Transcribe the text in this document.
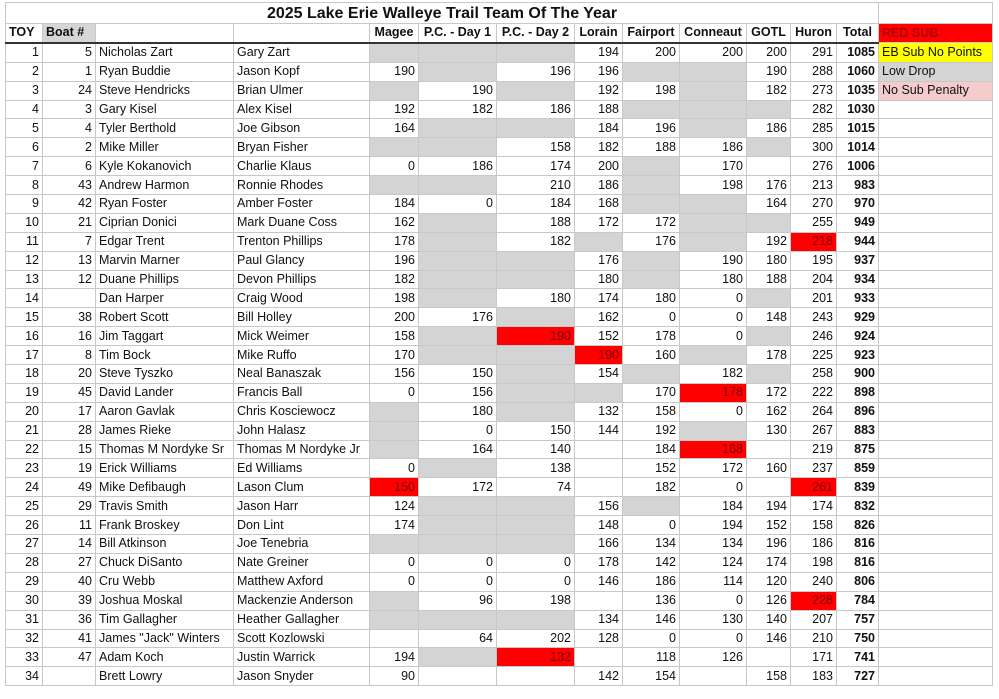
2025 Lake Erie Walleye Trail Team Of The Year													
TOY	Boat #			Magee	P.C. - Day 1	P.C. - Day 2	Lorain	Fairport	Conneaut	GOTL	Huron	Total	RED SUB
1	5	Nicholas Zart	Gary Zart				194	200	200	200	291	1085	EB Sub No Points
2	1	Ryan Buddie	Jason Kopf	190		196	196			190	288	1060	Low Drop
3	24	Steve Hendricks	Brian Ulmer		190		192	198		182	273	1035	No Sub Penalty
4	3	Gary Kisel	Alex Kisel	192	182	186	188				282	1030	
5	4	Tyler Berthold	Joe Gibson	164			184	196		186	285	1015	
6	2	Mike Miller	Bryan Fisher			158	182	188	186		300	1014	
7	6	Kyle Kokanovich	Charlie Klaus	0	186	174	200		170		276	1006	
8	43	Andrew Harmon	Ronnie Rhodes			210	186		198	176	213	983	
9	42	Ryan Foster	Amber Foster	184	0	184	168			164	270	970	
10	21	Ciprian Donici	Mark Duane Coss	162		188	172	172			255	949	
11	7	Edgar Trent	Trenton Phillips	178		182		176		192	218	944	
12	13	Marvin Marner	Paul Glancy	196			176		190	180	195	937	
13	12	Duane Phillips	Devon Phillips	182			180		180	188	204	934	
14		Dan Harper	Craig Wood	198		180	174	180	0		201	933	
15	38	Robert Scott	Bill Holley	200	176		162	0	0	148	243	929	
16	16	Jim Taggart	Mick Weimer	158		190	152	178	0		246	924	
17	8	Tim Bock	Mike Ruffo	170			190	160		178	225	923	
18	20	Steve Tyszko	Neal Banaszak	156	150		154		182		258	900	
19	45	David Lander	Francis Ball	0	156			170	178	172	222	898	
20	17	Aaron Gavlak	Chris Kosciewocz		180		132	158	0	162	264	896	
21	28	James Rieke	John Halasz		0	150	144	192		130	267	883	
22	15	Thomas M Nordyke Sr	Thomas M Nordyke Jr		164	140		184	168		219	875	
23	19	Erick Williams	Ed Williams	0		138		152	172	160	237	859	
24	49	Mike Defibaugh	Lason Clum	150	172	74		182	0		261	839	
25	29	Travis Smith	Jason Harr	124			156		184	194	174	832	
26	11	Frank Broskey	Don Lint	174			148	0	194	152	158	826	
27	14	Bill Atkinson	Joe Tenebria				166	134	134	196	186	816	
28	27	Chuck DiSanto	Nate Greiner	0	0	0	178	142	124	174	198	816	
29	40	Cru Webb	Matthew Axford	0	0	0	146	186	114	120	240	806	
30	39	Joshua Moskal	Mackenzie Anderson		96	198		136	0	126	228	784	
31	36	Tim Gallagher	Heather Gallagher				134	146	130	140	207	757	
32	41	James "Jack" Winters	Scott Kozlowski		64	202	128	0	0	146	210	750	
33	47	Adam Koch	Justin Warrick	194		132		118	126		171	741	
34		Brett Lowry	Jason Snyder	90			142	154		158	183	727	
